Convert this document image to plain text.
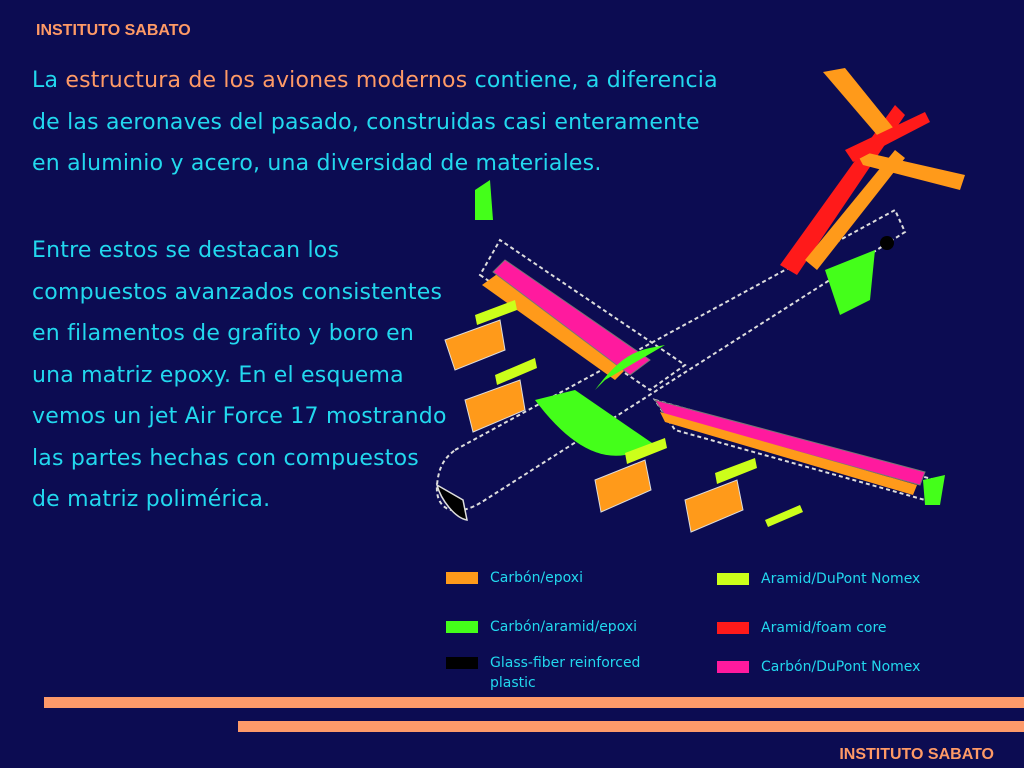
INSTITUTO SABATO
La estructura de los aviones modernos contiene, a diferencia de las aeronaves del pasado, construidas casi enteramente en aluminio y acero, una diversidad de materiales.
Entre estos se destacan los compuestos avanzados consistentes en filamentos de grafito y boro en una matriz epoxy. En el esquema vemos un jet Air Force 17 mostrando las partes hechas con compuestos de matriz polimérica.
Carbón/epoxi
Carbón/aramid/epoxi
Glass-fiber reinforced plastic
Aramid/DuPont Nomex
Aramid/foam core
Carbón/DuPont Nomex
INSTITUTO SABATO
